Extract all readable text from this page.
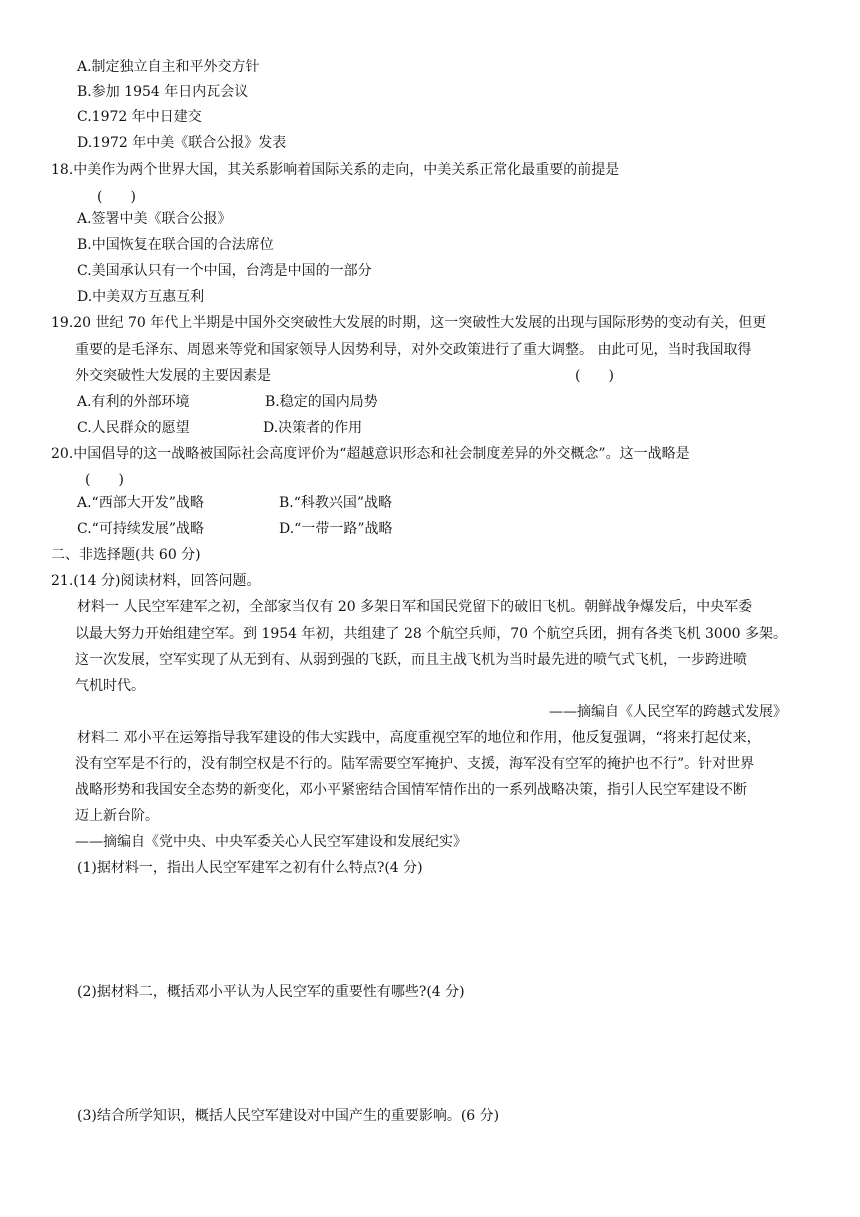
A.制定独立自主和平外交方针
B.参加 1954 年日内瓦会议
C.1972 年中日建交
D.1972 年中美《联合公报》发表
18.中美作为两个世界大国，其关系影响着国际关系的走向，中美关系正常化最重要的前提是
(　　)
A.签署中美《联合公报》
B.中国恢复在联合国的合法席位
C.美国承认只有一个中国，台湾是中国的一部分
D.中美双方互惠互利
19.20 世纪 70 年代上半期是中国外交突破性大发展的时期，这一突破性大发展的出现与国际形势的变动有关，但更
重要的是毛泽东、周恩来等党和国家领导人因势利导，对外交政策进行了重大调整。 由此可见，当时我国取得
外交突破性大发展的主要因素是	(　　)
A.有利的外部环境	B.稳定的国内局势
C.人民群众的愿望	D.决策者的作用
20.中国倡导的这一战略被国际社会高度评价为“超越意识形态和社会制度差异的外交概念”。这一战略是
(　　)
A.“西部大开发”战略	B.“科教兴国”战略
C.“可持续发展”战略	D.“一带一路”战略
二、非选择题(共 60 分)
21.(14 分)阅读材料，回答问题。
材料一 人民空军建军之初，全部家当仅有 20 多架日军和国民党留下的破旧飞机。朝鲜战争爆发后，中央军委
以最大努力开始组建空军。到 1954 年初，共组建了 28 个航空兵师，70 个航空兵团，拥有各类飞机 3000 多架。
这一次发展，空军实现了从无到有、从弱到强的飞跃，而且主战飞机为当时最先进的喷气式飞机，一步跨进喷
气机时代。
——摘编自《人民空军的跨越式发展》
材料二 邓小平在运筹指导我军建设的伟大实践中，高度重视空军的地位和作用，他反复强调，“将来打起仗来，
没有空军是不行的，没有制空权是不行的。陆军需要空军掩护、支援，海军没有空军的掩护也不行”。针对世界
战略形势和我国安全态势的新变化，邓小平紧密结合国情军情作出的一系列战略决策，指引人民空军建设不断
迈上新台阶。
——摘编自《党中央、中央军委关心人民空军建设和发展纪实》
(1)据材料一，指出人民空军建军之初有什么特点?(4 分)
(2)据材料二，概括邓小平认为人民空军的重要性有哪些?(4 分)
(3)结合所学知识，概括人民空军建设对中国产生的重要影响。(6 分)
